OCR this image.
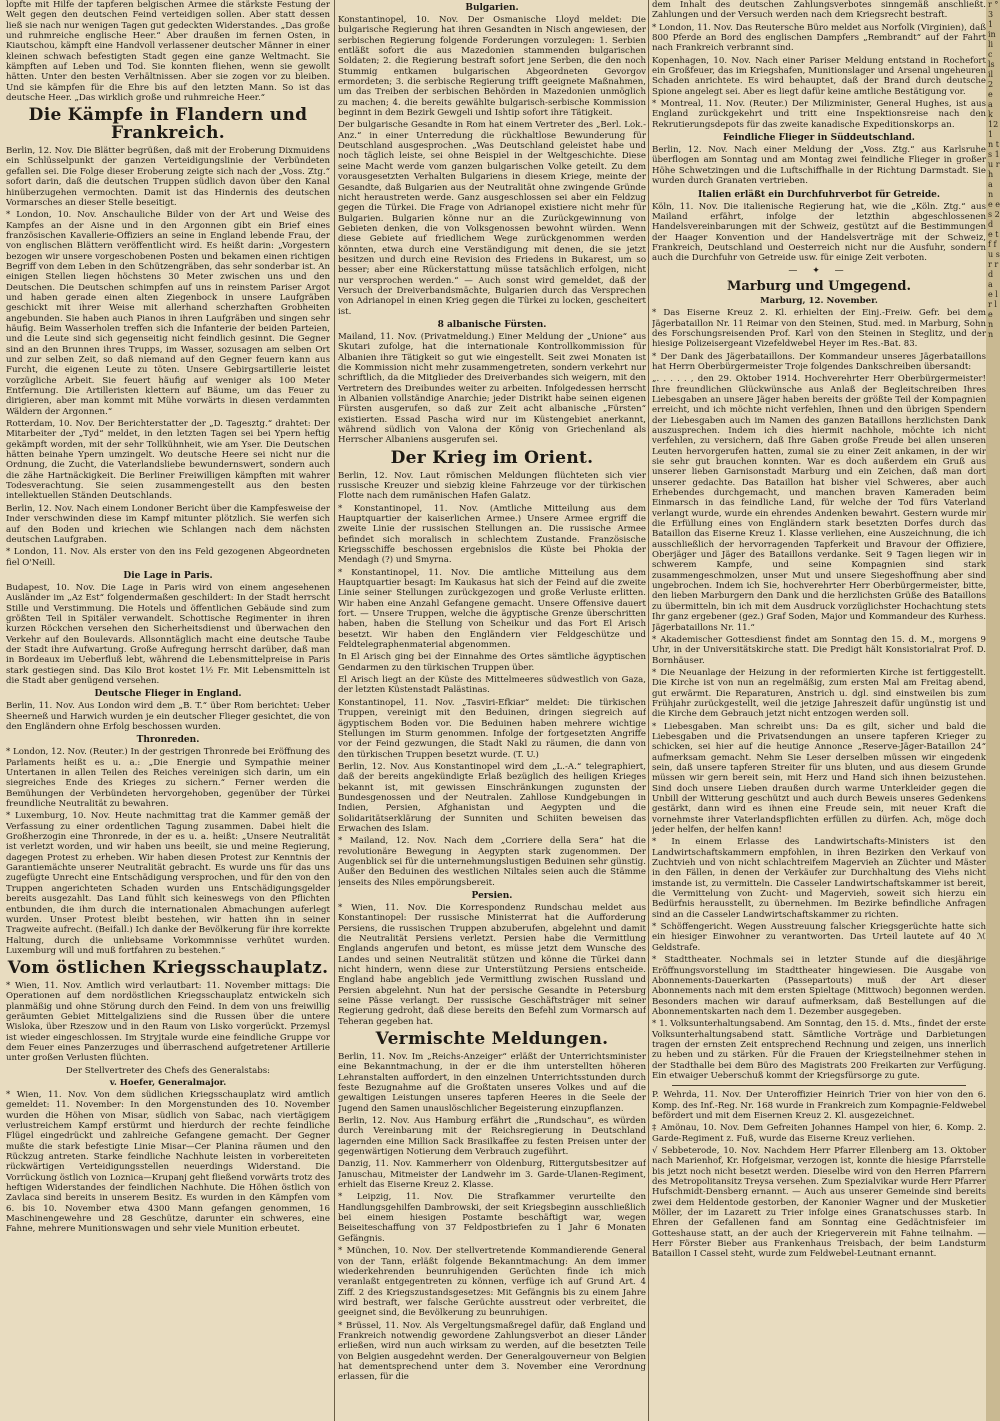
lopfte mit Hilfe der tapferen belgischen Armee die stärkste Festung der Welt gegen den deutschen Feind verteidigen sollen. Aber statt dessen ließ sie nach nur wenigen Tagen gut gedeckten Widerstandes. „Das große und ruhmreiche englische Heer.“ Aber draußen im fernen Osten, in Kiautschou, kämpft eine Handvoll verlassener deutscher Männer in einer kleinen schwach befestigten Stadt gegen eine ganze Weltmacht. Sie kämpften auf Leben und Tod. Sie konnten fliehen, wenn sie gewollt hätten. Unter den besten Verhältnissen. Aber sie zogen vor zu bleiben. Und sie kämpfen für die Ehre bis auf den letzten Mann. So ist das deutsche Heer. „Das wirklich große und ruhmreiche Heer.“

Die Kämpfe in Flandern und Frankreich.

Berlin, 12. Nov. Die Blätter begrüßen, daß mit der Eroberung Dixmuidens ein Schlüsselpunkt der ganzen Verteidigungslinie der Verbündeten gefallen sei. Die Folge dieser Eroberung zeigte sich nach der „Voss. Ztg.“ sofort darin, daß die deutschen Truppen südlich davon über den Kanal hinüberzugehen vermochten. Damit ist das Hindernis des deutschen Vormarsches an dieser Stelle beseitigt.

* London, 10. Nov. Anschauliche Bilder von der Art und Weise des Kampfes an der Aisne und in den Argonnen gibt ein Brief eines französischen Kavallerie-Offiziers an seine in England lebende Frau, der von englischen Blättern veröffentlicht wird. Es heißt darin: „Vorgestern bezogen wir unsere vorgeschobenen Posten und bekamen einen richtigen Begriff von dem Leben in den Schützengräben, das sehr sonderbar ist. An einigen Stellen liegen höchstens 30 Meter zwischen uns und den Deutschen. Die Deutschen schimpfen auf uns in reinstem Pariser Argot und haben gerade einen alten Ziegenbock in unsere Laufgräben geschickt mit ihrer Weise mit allerhand scherzhaften Grobheiten angebunden. Sie haben auch Pianos in ihren Laufgräben und singen sehr häufig. Beim Wasserholen treffen sich die Infanterie der beiden Parteien, und die Leute sind sich gegenseitig nicht feindlich gesinnt. Die Gegner sind an den Brunnen ihres Trupps, im Wasser, sozusagen am selben Ort und zur selben Zeit, so daß niemand auf den Gegner feuern kann aus Furcht, die eigenen Leute zu töten. Unsere Gebirgsartillerie leistet vorzügliche Arbeit. Sie feuert häufig auf weniger als 100 Meter Entfernung. Die Artilleristen klettern auf Bäume, um das Feuer zu dirigieren, aber man kommt mit Mühe vorwärts in diesen verdammten Wäldern der Argonnen.“

Rotterdam, 10. Nov. Der Berichterstatter der „D. Tagesztg.“ drahtet: Der Mitarbeiter der „Tyd“ meldet, in den letzten Tagen sei bei Ypern heftig gekämpft worden, mit der sehr Tollkühnheit, wie am Yser. Die Deutschen hätten beinahe Ypern umzingelt. Wo deutsche Heere sei nicht nur die Ordnung, die Zucht, die Vaterlandsliebe bewundernswert, sondern auch die zähe Hartnäckigkeit. Die Berliner Freiwilligen kämpften mit wahrer Todesverachtung. Sie seien zusammengestellt aus den besten intellektuellen Ständen Deutschlands.

Berlin, 12. Nov. Nach einem Londoner Bericht über die Kampfesweise der Inder verschwinden diese im Kampf mitunter plötzlich. Sie werfen sich auf den Boden und kriechen wie Schlangen nach dem nächsten deutschen Laufgraben.

* London, 11. Nov. Als erster von den ins Feld gezogenen Abgeordneten fiel O'Neill.

Die Lage in Paris.

Budapest, 10. Nov. Die Lage in Paris wird von einem angesehenen Ausländer im „Az Est“ folgendermaßen geschildert: In der Stadt herrscht Stille und Verstimmung. Die Hotels und öffentlichen Gebäude sind zum größten Teil in Spitäler verwandelt. Schottische Regimenter in ihren kurzen Röckchen versehen den Sicherheitsdienst und überwachen den Verkehr auf den Boulevards. Allsonntäglich macht eine deutsche Taube der Stadt ihre Aufwartung. Große Aufregung herrscht darüber, daß man in Bordeaux im Ueberfluß lebt, während die Lebensmittelpreise in Paris stark gestiegen sind. Das Kilo Brot kostet 1½ Fr. Mit Lebensmitteln ist die Stadt aber genügend versehen.

Deutsche Flieger in England.

Berlin, 11. Nov. Aus London wird dem „B. T.“ über Rom berichtet: Ueber Sheerneß und Harwich wurden je ein deutscher Flieger gesichtet, die von den Engländern ohne Erfolg beschossen wurden.

Thronreden.

* London, 12. Nov. (Reuter.) In der gestrigen Thronrede bei Eröffnung des Parlaments heißt es u. a.: „Die Energie und Sympathie meiner Untertanen in allen Teilen des Reiches vereinigen sich darin, um ein siegreiches Ende des Krieges zu sichern.“ Ferner werden die Bemühungen der Verbündeten hervorgehoben, gegenüber der Türkei freundliche Neutralität zu bewahren.

* Luxemburg, 10. Nov. Heute nachmittag trat die Kammer gemäß der Verfassung zu einer ordentlichen Tagung zusammen. Dabei hielt die Großherzogin eine Thronrede, in der es u. a. heißt: „Unsere Neutralität ist verletzt worden, und wir haben uns beeilt, sie und meine Regierung, dagegen Protest zu erheben. Wir haben diesen Protest zur Kenntnis der Garantiemächte unserer Neutralität gebracht. Es wurde uns für das uns zugefügte Unrecht eine Entschädigung versprochen, und für den von den Truppen angerichteten Schaden wurden uns Entschädigungsgelder bereits ausgezahlt. Das Land fühlt sich keineswegs von den Pflichten entbunden, die ihm durch die internationalen Abmachungen auferlegt wurden. Unser Protest bleibt bestehen, wir hatten ihn in seiner Tragweite aufrecht. (Beifall.) Ich danke der Bevölkerung für ihre korrekte Haltung, durch die unliebsame Vorkommnisse verhütet wurden. Luxemburg will und muß fortfahren zu bestehen.“

Vom östlichen Kriegsschauplatz.

* Wien, 11. Nov. Amtlich wird verlautbart: 11. November mittags: Die Operationen auf dem nordöstlichen Kriegsschauplatz entwickeln sich planmäßig und ohne Störung durch den Feind. In dem von uns freiwillig geräumten Gebiet Mittelgaliziens sind die Russen über die untere Wisloka, über Rzeszow und in den Raum von Lisko vorgerückt. Przemysl ist wieder eingeschlossen. Im Stryjtale wurde eine feindliche Gruppe vor dem Feuer eines Panzerzuges und überraschend aufgetretener Artillerie unter großen Verlusten flüchten.

Der Stellvertreter des Chefs des Generalstabs:
v. Hoefer, Generalmajor.

* Wien, 11. Nov. Von dem südlichen Kriegsschauplatz wird amtlich gemeldet: 11. November: In den Morgenstunden des 10. November wurden die Höhen von Misar, südlich von Sabac, nach viertägigem verlustreichem Kampf erstürmt und hierdurch der rechte feindliche Flügel eingedrückt und zahlreiche Gefangene gemacht. Der Gegner mußte die stark befestigte Linie Misar—Cer Planina räumen und den Rückzug antreten. Starke feindliche Nachhute leisten in vorbereiteten rückwärtigen Verteidigungsstellen neuerdings Widerstand. Die Vorrückung östlich von Loznica—Krupanj geht fließend vorwärts trotz des heftigen Widerstandes der feindlichen Nachhute. Die Höhen östlich von Zavlaca sind bereits in unserem Besitz. Es wurden in den Kämpfen vom 6. bis 10. November etwa 4300 Mann gefangen genommen, 16 Maschinengewehre und 28 Geschütze, darunter ein schweres, eine Fahne, mehrere Munitionswagen und sehr viele Munition erbeutet.

Bulgarien.

Konstantinopel, 10. Nov. Der Osmanische Lloyd meldet: Die bulgarische Regierung hat ihren Gesandten in Nisch angewiesen, der serbischen Regierung folgende Forderungen vorzulegen: 1. Serbien entläßt sofort die aus Mazedonien stammenden bulgarischen Soldaten; 2. die Regierung bestraft sofort jene Serben, die den noch Stummig entkamen bulgarischen Abgeordneten Gevorgov ermordeten; 3. die serbische Regierung trifft geeignete Maßnahmen, um das Treiben der serbischen Behörden in Mazedonien unmöglich zu machen; 4. die bereits gewählte bulgarisch-serbische Kommission beginnt in dem Bezirk Gewgeli und Ishtip sofort ihre Tätigkeit.

Der bulgarische Gesandte in Rom hat einem Vertreter des „Berl. Lok.-Anz.“ in einer Unterredung die rückhaltlose Bewunderung für Deutschland ausgesprochen. „Was Deutschland geleistet habe und noch täglich leiste, sei ohne Beispiel in der Weltgeschichte. Diese seine Macht werde vom ganzen bulgarischen Volke geteilt. Zu dem vorausgesetzten Verhalten Bulgariens in diesem Kriege, meinte der Gesandte, daß Bulgarien aus der Neutralität ohne zwingende Gründe nicht heraustreten werde. Ganz ausgeschlossen sei aber ein Feldzug gegen die Türkei. Die Frage von Adrianopel existiere nicht mehr für Bulgarien. Bulgarien könne nur an die Zurückgewinnung von Gebieten denken, die von Volksgenossen bewohnt würden. Wenn diese Gebiete auf friedlichem Wege zurückgenommen werden könnten, etwa durch eine Verständigung mit denen, die sie jetzt besitzen und durch eine Revision des Friedens in Bukarest, um so besser; aber eine Rückerstattung müsse tatsächlich erfolgen, nicht nur versprochen werden.“ — Auch sonst wird gemeldet, daß der Versuch der Dreiverbandsmächte, Bulgarien durch das Versprechen von Adrianopel in einen Krieg gegen die Türkei zu locken, gescheitert ist.

8 albanische Fürsten.

Mailand, 11. Nov. (Privatmeldung.) Einer Meldung der „Unione“ aus Skutari zufolge, hat die internationale Kontrollkommission für Albanien ihre Tätigkeit so gut wie eingestellt. Seit zwei Monaten ist die Kommission nicht mehr zusammengetreten, sondern verkehrt nur schriftlich, da die Mitglieder des Dreiverbandes sich weigern, mit den Vertretern des Dreibundes weiter zu arbeiten. Infolgedessen herrscht in Albanien vollständige Anarchie; jeder Distrikt habe seinen eigenen Fürsten ausgerufen, so daß zur Zeit acht albanische „Fürsten“ existierten. Essad Pascha wird nur im Küstengebiet anerkannt, während südlich von Valona der König von Griechenland als Herrscher Albaniens ausgerufen sei.

Der Krieg im Orient.

Berlin, 12. Nov. Laut römischen Meldungen flüchteten sich vier russische Kreuzer und siebzig kleine Fahrzeuge vor der türkischen Flotte nach dem rumänischen Hafen Galatz.

* Konstantinopel, 11. Nov. (Amtliche Mitteilung aus dem Hauptquartier der kaiserlichen Armee.) Unsere Armee ergriff die zweite Linie der russischen Stellungen an. Die russische Armee befindet sich moralisch in schlechtem Zustande. Französische Kriegsschiffe beschossen ergebnislos die Küste bei Phokia der Mendagh (?) und Smyrna.

* Konstantinopel, 11. Nov. Die amtliche Mitteilung aus dem Hauptquartier besagt: Im Kaukasus hat sich der Feind auf die zweite Linie seiner Stellungen zurückgezogen und große Verluste erlitten. Wir haben eine Anzahl Gefangene gemacht. Unsere Offensive dauert fort. — Unsere Truppen, welche die ägyptische Grenze überschritten haben, haben die Stellung von Scheikur und das Fort El Arisch besetzt. Wir haben den Engländern vier Feldgeschütze und Feldtelegraphenmaterial abgenommen.

In El Arisch ging bei der Einnahme des Ortes sämtliche ägyptischen Gendarmen zu den türkischen Truppen über.

El Arisch liegt an der Küste des Mittelmeeres südwestlich von Gaza, der letzten Küstenstadt Palästinas.

Konstantinopel, 11. Nov. „Tasviri-Efkiar“ meldet: Die türkischen Truppen, vereinigt mit den Beduinen, dringen siegreich auf ägyptischem Boden vor. Die Beduinen haben mehrere wichtige Stellungen im Sturm genommen. Infolge der fortgesetzten Angriffe vor der Feind gezwungen, die Stadt Nakl zu räumen, die dann von den türkischen Truppen besetzt wurde. (T. U.)

Berlin, 12. Nov. Aus Konstantinopel wird dem „L.-A.“ telegraphiert, daß der bereits angekündigte Erlaß bezüglich des heiligen Krieges bekannt ist, mit gewissen Einschränkungen zugunsten der Bundesgenossen und der Neutralen. Zahllose Kundgebungen in Indien, Persien, Afghanistan und Aegypten und die Solidaritätserklärung der Sunniten und Schiiten beweisen das Erwachen des Islam.

* Mailand, 12. Nov. Nach dem „Corriere della Sera“ hat die revolutionäre Bewegung in Aegypten stark zugenommen. Der Augenblick sei für die unternehmungslustigen Beduinen sehr günstig. Außer den Beduinen des westlichen Niltales seien auch die Stämme jenseits des Niles empörungsbereit.

Persien.

* Wien, 11. Nov. Die Korrespondenz Rundschau meldet aus Konstantinopel: Der russische Ministerrat hat die Aufforderung Persiens, die russischen Truppen abzuberufen, abgelehnt und damit die Neutralität Persiens verletzt. Persien habe die Vermittlung Englands angerufen und betont, es müsse jetzt dem Wunsche des Landes und seinen Neutralität stützen und könne die Türkei dann nicht hindern, wenn diese zur Unterstützung Persiens entscheide. England habe angeblich jede Vermittlung zwischen Russland und Persien abgelehnt. Nun hat der persische Gesandte in Petersburg seine Pässe verlangt. Der russische Geschäftsträger mit seiner Regierung gedroht, daß diese bereits den Befehl zum Vormarsch auf Teheran gegeben hat.

Vermischte Meldungen.

Berlin, 11. Nov. Im „Reichs-Anzeiger“ erläßt der Unterrichtsminister eine Bekanntmachung, in der er die ihm unterstellten höheren Lehranstalten auffordert, in den einzelnen Unterrichtsstunden durch feste Bezugnahme auf die Großtaten unseres Volkes und auf die gewaltigen Leistungen unseres tapferen Heeres in die Seele der Jugend den Samen unauslöschlicher Begeisterung einzupflanzen.

Berlin, 12. Nov. Aus Hamburg erfährt die „Rundschau“, es würden durch Vereinbarung mit der Reichsregierung in Deutschland lagernden eine Million Sack Brasilkaffee zu festen Preisen unter der gegenwärtigen Notierung dem Verbrauch zugeführt.

Danzig, 11. Nov. Kammerherr von Oldenburg, Rittergutsbesitzer auf Januschau, Mitmeister der Landwehr im 3. Garde-Ulanen-Regiment, erhielt das Eiserne Kreuz 2. Klasse.

* Leipzig, 11. Nov. Die Strafkammer verurteilte den Handlungsgehilfen Dambrowski, der seit Kriegsbeginn ausschließlich bei einem hiesigen Postamte beschäftigt war, wegen Beiseiteschaffung von 37 Feldpostbriefen zu 1 Jahr 6 Monaten Gefängnis.

* München, 10. Nov. Der stellvertretende Kommandierende General von der Tann, erläßt folgende Bekanntmachung: An dem immer wiederkehrenden beunruhigenden Gerüchten finde ich mich veranlaßt entgegentreten zu können, verfüge ich auf Grund Art. 4 Ziff. 2 des Kriegszustandsgesetzes: Mit Gefängnis bis zu einem Jahre wird bestraft, wer falsche Gerüchte ausstreut oder verbreitet, die geeignet sind, die Bevölkerung zu beunruhigen.

* Brüssel, 11. Nov. Als Vergeltungsmaßregel dafür, daß England und Frankreich notwendig gewordene Zahlungsverbot an dieser Länder erließen, wird nun auch wirksam zu werden, auf die besetzten Teile von Belgien ausgedehnt werden. Der Generalgouverneur von Belgien hat dementsprechend unter dem 3. November eine Verordnung erlassen, für die

dem Inhalt des deutschen Zahlungsverbotes sinngemäß anschließt. Zahlungen und der Versuch werden nach dem Kriegsrecht bestraft.

* London, 11. Nov. Das Reutersche Büro meldet aus Norfolk (Virginien), daß 800 Pferde an Bord des englischen Dampfers „Rembrandt“ auf der Fahrt nach Frankreich verbrannt sind.

Kopenhagen, 10. Nov. Nach einer Pariser Meldung entstand in Rochefort ein Großfeuer, das im Kriegshafen, Munitionslager und Arsenal ungeheuren Schaden anrichtete. Es wird behauptet, daß der Brand durch deutsche Spione angelegt sei. Aber es liegt dafür keine amtliche Bestätigung vor.

* Montreal, 11. Nov. (Reuter.) Der Milizminister, General Hughes, ist aus England zurückgekehrt und tritt eine Inspektionsreise nach den Rekrutierungsdepots für das zweite kanadische Expeditionskorps an.

Feindliche Flieger in Süddeutschland.

Berlin, 12. Nov. Nach einer Meldung der „Voss. Ztg.“ aus Karlsruhe überflogen am Sonntag und am Montag zwei feindliche Flieger in großer Höhe Schwetzingen und die Luftschiffhalle in der Richtung Darmstadt. Sie wurden durch Granaten vertrieben.

Italien erläßt ein Durchfuhrverbot für Getreide.

Köln, 11. Nov. Die italienische Regierung hat, wie die „Köln. Ztg.“ aus Mailand erfährt, infolge der letzthin abgeschlossenen Handelsvereinbarungen mit der Schweiz, gestützt auf die Bestimmungen der Haager Konvention und der Handelsverträge mit der Schweiz, Frankreich, Deutschland und Oesterreich nicht nur die Ausfuhr, sondern auch die Durchfuhr von Getreide usw. für einige Zeit verboten.

— ✦ —
Marburg und Umgegend.
Marburg, 12. November.

* Das Eiserne Kreuz 2. Kl. erhielten der Einj.-Freiw. Gefr. bei dem Jägerbataillon Nr. 11 Reimar von den Steinen, Stud. med. in Marburg, Sohn des Forschungsreisenden Prof. Karl von den Steinen in Steglitz, und der hiesige Polizeisergeant Vizefeldwebel Heyer im Res.-Bat. 83.

* Der Dank des Jägerbataillons. Der Kommandeur unseres Jägerbataillons hat Herrn Oberbürgermeister Troje folgendes Dankschreiben übersandt:

„. . . . . , den 29. Oktober 1914. Hochverehrter Herr Oberbürgermeister! Ihre freundlichen Glückwünsche aus Anlaß der Begleitschreiben Ihres Liebesgaben an unsere Jäger haben bereits der größte Teil der Kompagnien erreicht, und ich möchte nicht verfehlen, Ihnen und den übrigen Spendern der Liebesgaben auch im Namen des ganzen Bataillons herzlichsten Dank auszusprechen. Indem ich dies hiermit nachhole, möchte ich nicht verfehlen, zu versichern, daß Ihre Gaben große Freude bei allen unseren Leuten hervorgerufen hatten, zumal sie zu einer Zeit ankamen, in der wir sie sehr gut brauchen konnten. War es doch außerdem ein Gruß aus unserer lieben Garnisonstadt Marburg und ein Zeichen, daß man dort unserer gedachte. Das Bataillon hat bisher viel Schweres, aber auch Erhebendes durchgemacht, und manchen braven Kameraden beim Einmarsch in das feindliche Land, für welche der Tod fürs Vaterland verlangt wurde, wurde ein ehrendes Andenken bewahrt. Gestern wurde mir die Erfüllung eines von Engländern stark besetzten Dorfes durch das Bataillon das Eiserne Kreuz 1. Klasse verliehen, eine Auszeichnung, die ich ausschließlich der hervorragenden Tapferkeit und Bravour der Offiziere, Oberjäger und Jäger des Bataillons verdanke. Seit 9 Tagen liegen wir in schwerem Kampfe, und seine Kompagnien sind stark zusammengeschmolzen, unser Mut und unsere Siegeshoffnung aber sind ungebrochen. Indem ich Sie, hochverehrter Herr Oberbürgermeister, bitte, den lieben Marburgern den Dank und die herzlichsten Grüße des Bataillons zu übermitteln, bin ich mit dem Ausdruck vorzüglichster Hochachtung stets Ihr ganz ergebener (gez.) Graf Soden, Major und Kommandeur des Kurhess. Jägerbataillons Nr. 11.“

* Akademischer Gottesdienst findet am Sonntag den 15. d. M., morgens 9 Uhr, in der Universitätskirche statt. Die Predigt hält Konsistorialrat Prof. D. Bornhäuser.

* Die Neuanlage der Heizung in der reformierten Kirche ist fertiggestellt. Die Kirche ist von nun an regelmäßig, zum ersten Mal am Freitag abend, gut erwärmt. Die Reparaturen, Anstrich u. dgl. sind einstweilen bis zum Frühjahr zurückgestellt, weil die jetzige Jahreszeit dafür ungünstig ist und die Kirche dem Gebrauch jetzt nicht entzogen werden soll.

* Liebesgaben. Man schreibt uns: Da es gilt, sicher und bald die Liebesgaben und die Privatsendungen an unsere tapferen Krieger zu schicken, sei hier auf die heutige Annonce „Reserve-Jäger-Bataillon 24“ aufmerksam gemacht. Nehm Sie Leser derselben müssen wir eingedenk sein, daß unsere tapferen Streiter für uns bluten, und aus diesem Grunde müssen wir gern bereit sein, mit Herz und Hand sich ihnen beizustehen. Sind doch unsere Lieben draußen durch warme Unterkleider gegen die Unbill der Witterung geschützt und auch durch Beweis unseres Gedenkens gestärkt, dann wird es ihnen eine Freude sein, mit neuer Kraft die vornehmste ihrer Vaterlandspflichten erfüllen zu dürfen. Ach, möge doch jeder helfen, der helfen kann!

* In einem Erlasse des Landwirtschafts-Ministers ist den Landwirtschaftskammern empfohlen, in ihren Bezirken den Verkauf von Zuchtvieh und von nicht schlachtreifem Magervieh an Züchter und Mäster in den Fällen, in denen der Verkäufer zur Durchhaltung des Viehs nicht imstande ist, zu vermitteln. Die Casseler Landwirtschaftskammer ist bereit, die Vermittelung von Zucht- und Magervieh, soweit sich hierzu ein Bedürfnis herausstellt, zu übernehmen. Im Bezirke befindliche Anfragen sind an die Casseler Landwirtschaftskammer zu richten.

* Schöffengericht. Wegen Ausstreuung falscher Kriegsgerüchte hatte sich ein hiesiger Einwohner zu verantworten. Das Urteil lautete auf 40 ℳ Geldstrafe.

* Stadttheater. Nochmals sei in letzter Stunde auf die diesjährige Eröffnungsvorstellung im Stadttheater hingewiesen. Die Ausgabe von Abonnements-Dauerkarten (Passepartouts) muß der Art dieser Abonnements nach mit dem ersten Spieltage (Mittwoch) begonnen werden. Besonders machen wir darauf aufmerksam, daß Bestellungen auf die Abonnementskarten nach dem 1. Dezember ausgegeben.

* 1. Volksunterhaltungsabend. Am Sonntag, den 15. d. Mts., findet der erste Volksunterhaltungsabend statt. Sämtliche Vorträge und Darbietungen tragen der ernsten Zeit entsprechend Rechnung und zeigen, uns innerlich zu heben und zu stärken. Für die Frauen der Kriegsteilnehmer stehen in der Stadthalle bei dem Büro des Magistrats 200 Freikarten zur Verfügung. Ein etwaiger Ueberschuß kommt der Kriegsfürsorge zu gute.

P. Wehrda, 11. Nov. Der Unteroffizier Heinrich Trier von hier von den 6. Komp. des Inf.-Reg. Nr. 168 wurde in Frankreich zum Kompagnie-Feldwebel befördert und mit dem Eisernen Kreuz 2. Kl. ausgezeichnet.

‡ Amönau, 10. Nov. Dem Gefreiten Johannes Hampel von hier, 6. Komp. 2. Garde-Regiment z. Fuß, wurde das Eiserne Kreuz verliehen.

√ Sebbeterode, 10. Nov. Nachdem Herr Pfarrer Ellenberg am 13. Oktober nach Marienhof, Kr. Hofgeismar, verzogen ist, konnte die hiesige Pfarrstelle bis jetzt noch nicht besetzt werden. Dieselbe wird von den Herren Pfarrern des Metropolitansitz Treysa versehen. Zum Spezialvikar wurde Herr Pfarrer Hufschmidt-Densberg ernannt. — Auch aus unserer Gemeinde sind bereits zwei dem Heldentode gestorben, der Kanonier Wagner und der Musketier Möller, der im Lazarett zu Trier infolge eines Granatschusses starb. In Ehren der Gefallenen fand am Sonntag eine Gedächtnisfeier im Gotteshause statt, an der auch der Kriegerverein mit Fahne teilnahm. — Herr Förster Bieber aus Frankenhaus Treisbach, der beim Landsturm Bataillon I Cassel steht, wurde zum Feldwebel-Leutnant ernannt.

r ° 3 1 in li c ls il 2 e a k 12 1 n t s 1 u r h a n e e s 2 d e t f f u s r r d a e l r l e n n
